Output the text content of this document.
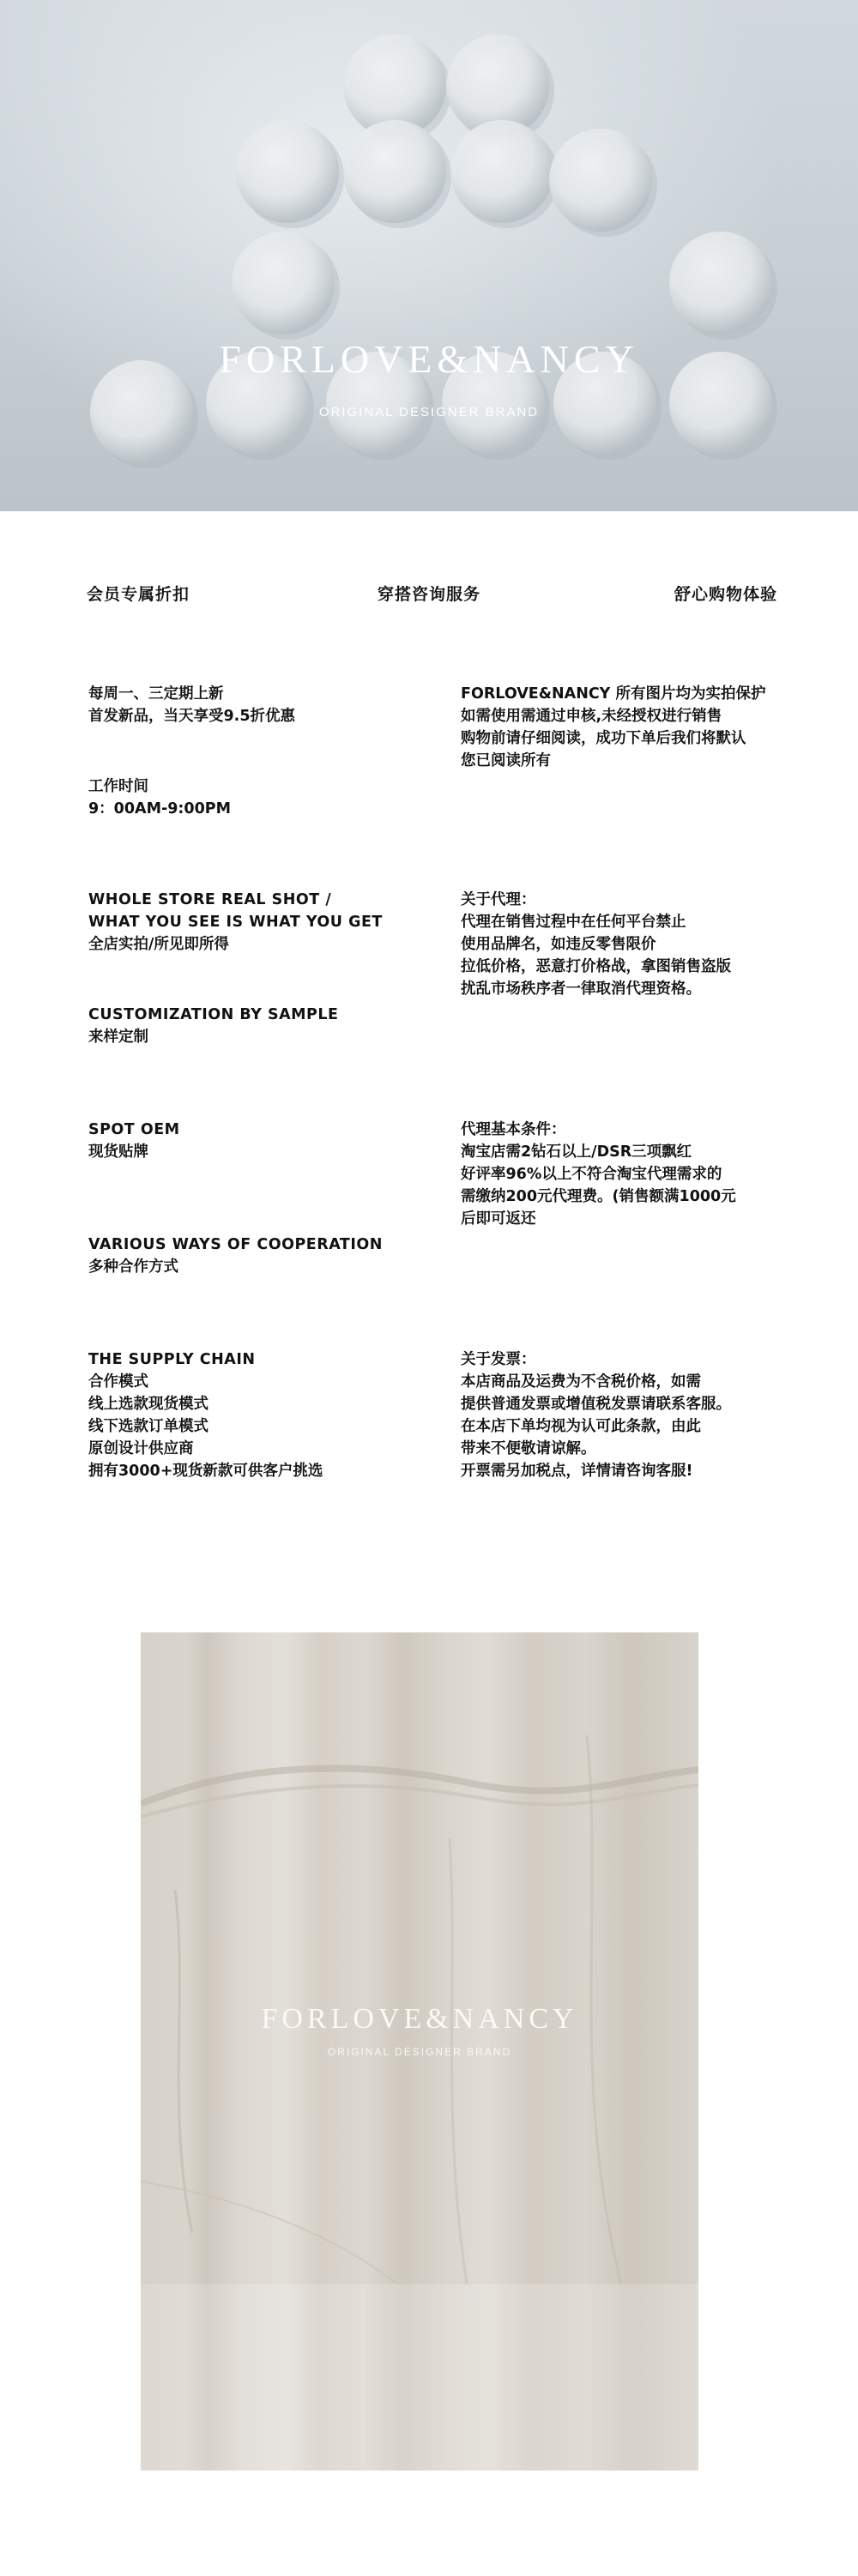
FORLOVE&NANCY
ORIGINAL DESIGNER BRAND
会员专属折扣	穿搭咨询服务	舒心购物体验
每周一、三定期上新
首发新品，当天享受9.5折优惠
工作时间
9：00AM-9:00PM
WHOLE STORE REAL SHOT /
WHAT YOU SEE IS WHAT YOU GET
全店实拍/所见即所得
CUSTOMIZATION BY SAMPLE
来样定制
SPOT OEM
现货贴牌
VARIOUS WAYS OF COOPERATION
多种合作方式
THE SUPPLY CHAIN
合作模式
线上选款现货模式
线下选款订单模式
原创设计供应商
拥有3000+现货新款可供客户挑选
FORLOVE&NANCY 所有图片均为实拍保护
如需使用需通过申核,未经授权进行销售
购物前请仔细阅读，成功下单后我们将默认
您已阅读所有
关于代理：
代理在销售过程中在任何平台禁止
使用品牌名，如违反零售限价
拉低价格，恶意打价格战，拿图销售盗版
扰乱市场秩序者一律取消代理资格。
代理基本条件：
淘宝店需2钻石以上/DSR三项飘红
好评率96%以上不符合淘宝代理需求的
需缴纳200元代理费。(销售额满1000元
后即可返还
关于发票：
本店商品及运费为不含税价格，如需
提供普通发票或增值税发票请联系客服。
在本店下单均视为认可此条款，由此
带来不便敬请谅解。
开票需另加税点，详情请咨询客服!
FORLOVE&NANCY
ORIGINAL DESIGNER BRAND
